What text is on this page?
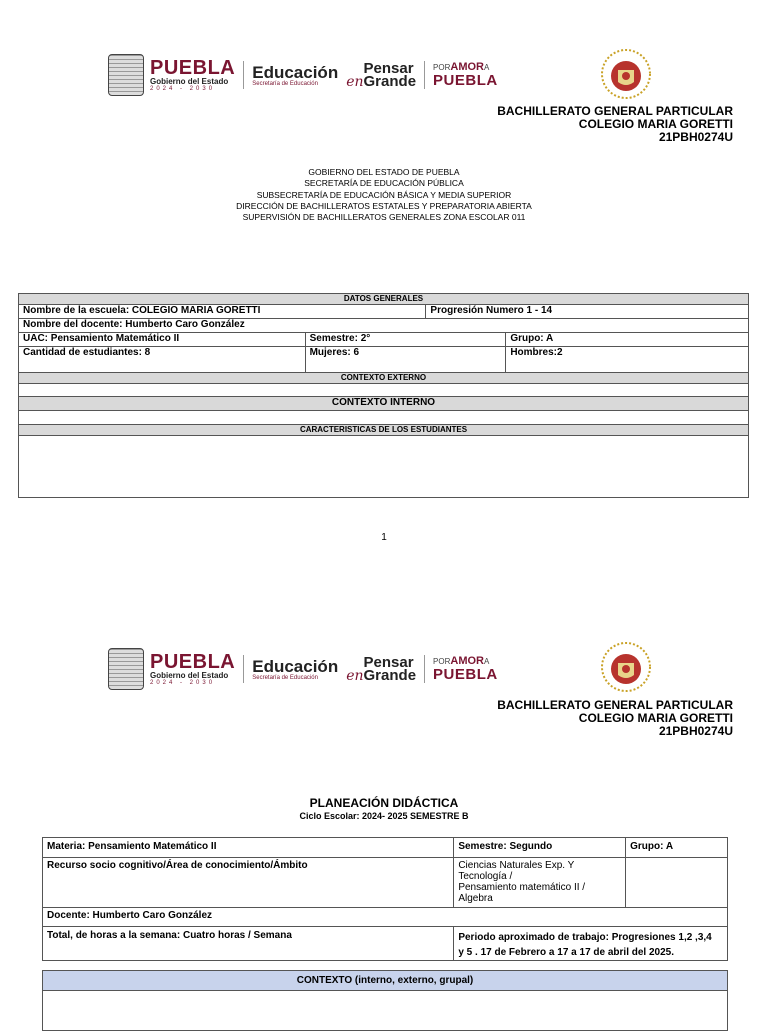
PUEBLA
Gobierno del Estado
2024 - 2030
Educación
Secretaría de Educación	en
Pensar
Grande
PORAMORA
PUEBLA
BACHILLERATO GENERAL PARTICULAR
COLEGIO MARIA GORETTI
21PBH0274U
GOBIERNO DEL ESTADO DE PUEBLA
SECRETARÍA DE EDUCACIÓN PÚBLICA
SUBSECRETARÍA DE EDUCACIÓN BÁSICA Y MEDIA SUPERIOR
DIRECCIÓN DE BACHILLERATOS ESTATALES Y PREPARATORIA ABIERTA
SUPERVISIÓN DE BACHILLERATOS GENERALES ZONA ESCOLAR 011
DATOS GENERALES			
Nombre de la escuela: COLEGIO MARIA GORETTI		Progresión Numero 1 - 14	
Nombre del docente: Humberto Caro González			
UAC: Pensamiento Matemático II	Semestre: 2°		Grupo: A
Cantidad de estudiantes: 8	Mujeres: 6		Hombres:2
CONTEXTO EXTERNO			

CONTEXTO INTERNO			

CARACTERISTICAS DE LOS ESTUDIANTES			

1
PUEBLA
Gobierno del Estado
2024 - 2030
Educación
Secretaría de Educación	en
Pensar
Grande
PORAMORA
PUEBLA
BACHILLERATO GENERAL PARTICULAR
COLEGIO MARIA GORETTI
21PBH0274U
PLANEACIÓN DIDÁCTICA
Ciclo Escolar: 2024- 2025 SEMESTRE B
Materia: Pensamiento Matemático II	Semestre: Segundo	Grupo: A
Recurso socio cognitivo/Área de conocimiento/Ámbito	Ciencias Naturales Exp. Y
Tecnología /
Pensamiento matemático II /
Algebra	

Docente: Humberto Caro González		
Total, de horas a la semana: Cuatro horas / Semana	Periodo aproximado de trabajo: Progresiones 1,2 ,3,4
y 5 . 17 de Febrero a 17 a 17 de abril del 2025.	
CONTEXTO (interno, externo, grupal)
